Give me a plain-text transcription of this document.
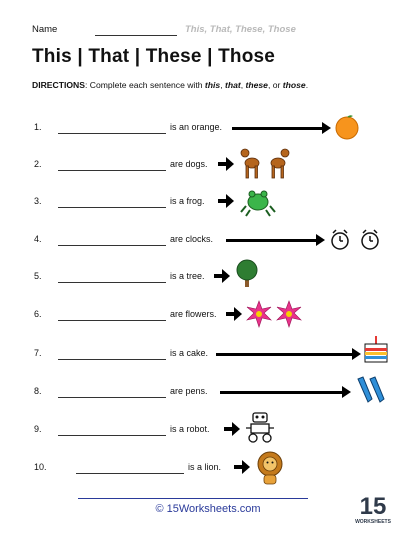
Name	This, That, These, Those
This | That | These | Those
DIRECTIONS: Complete each sentence with this, that, these, or those.
1.	is an orange.
2.	are dogs.
3.	is a frog.
4.	are clocks.
5.	is a tree.
6.	are flowers.
7.	is a cake.
8.	are pens.
9.	is a robot.
10.	is a lion.
© 15Worksheets.com	15
WORKSHEETS
